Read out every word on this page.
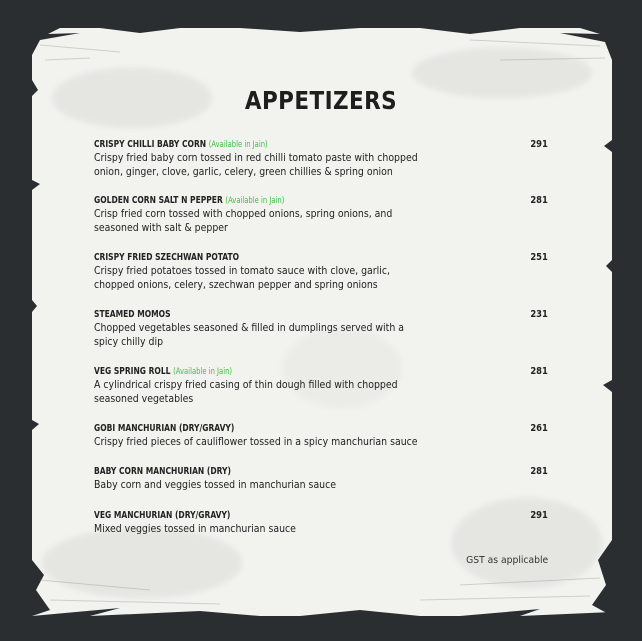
APPETIZERS
CRISPY CHILLI BABY CORN (Available in Jain)	291
Crispy fried baby corn tossed in red chilli tomato paste with chopped
onion, ginger, clove, garlic, celery, green chillies & spring onion
GOLDEN CORN SALT N PEPPER (Available in Jain)	281
Crisp fried corn tossed with chopped onions, spring onions, and
seasoned with salt & pepper
CRISPY FRIED SZECHWAN POTATO	251
Crispy fried potatoes tossed in tomato sauce with clove, garlic,
chopped onions, celery, szechwan pepper and spring onions
STEAMED MOMOS	231
Chopped vegetables seasoned & filled in dumplings served with a
spicy chilly dip
VEG SPRING ROLL (Available in Jain)	281
A cylindrical crispy fried casing of thin dough filled with chopped
seasoned vegetables
GOBI MANCHURIAN (DRY/GRAVY)	261
Crispy fried pieces of cauliflower tossed in a spicy manchurian sauce
BABY CORN MANCHURIAN (DRY)	281
Baby corn and veggies tossed in manchurian sauce
VEG MANCHURIAN (DRY/GRAVY)	291
Mixed veggies tossed in manchurian sauce
GST as applicable
